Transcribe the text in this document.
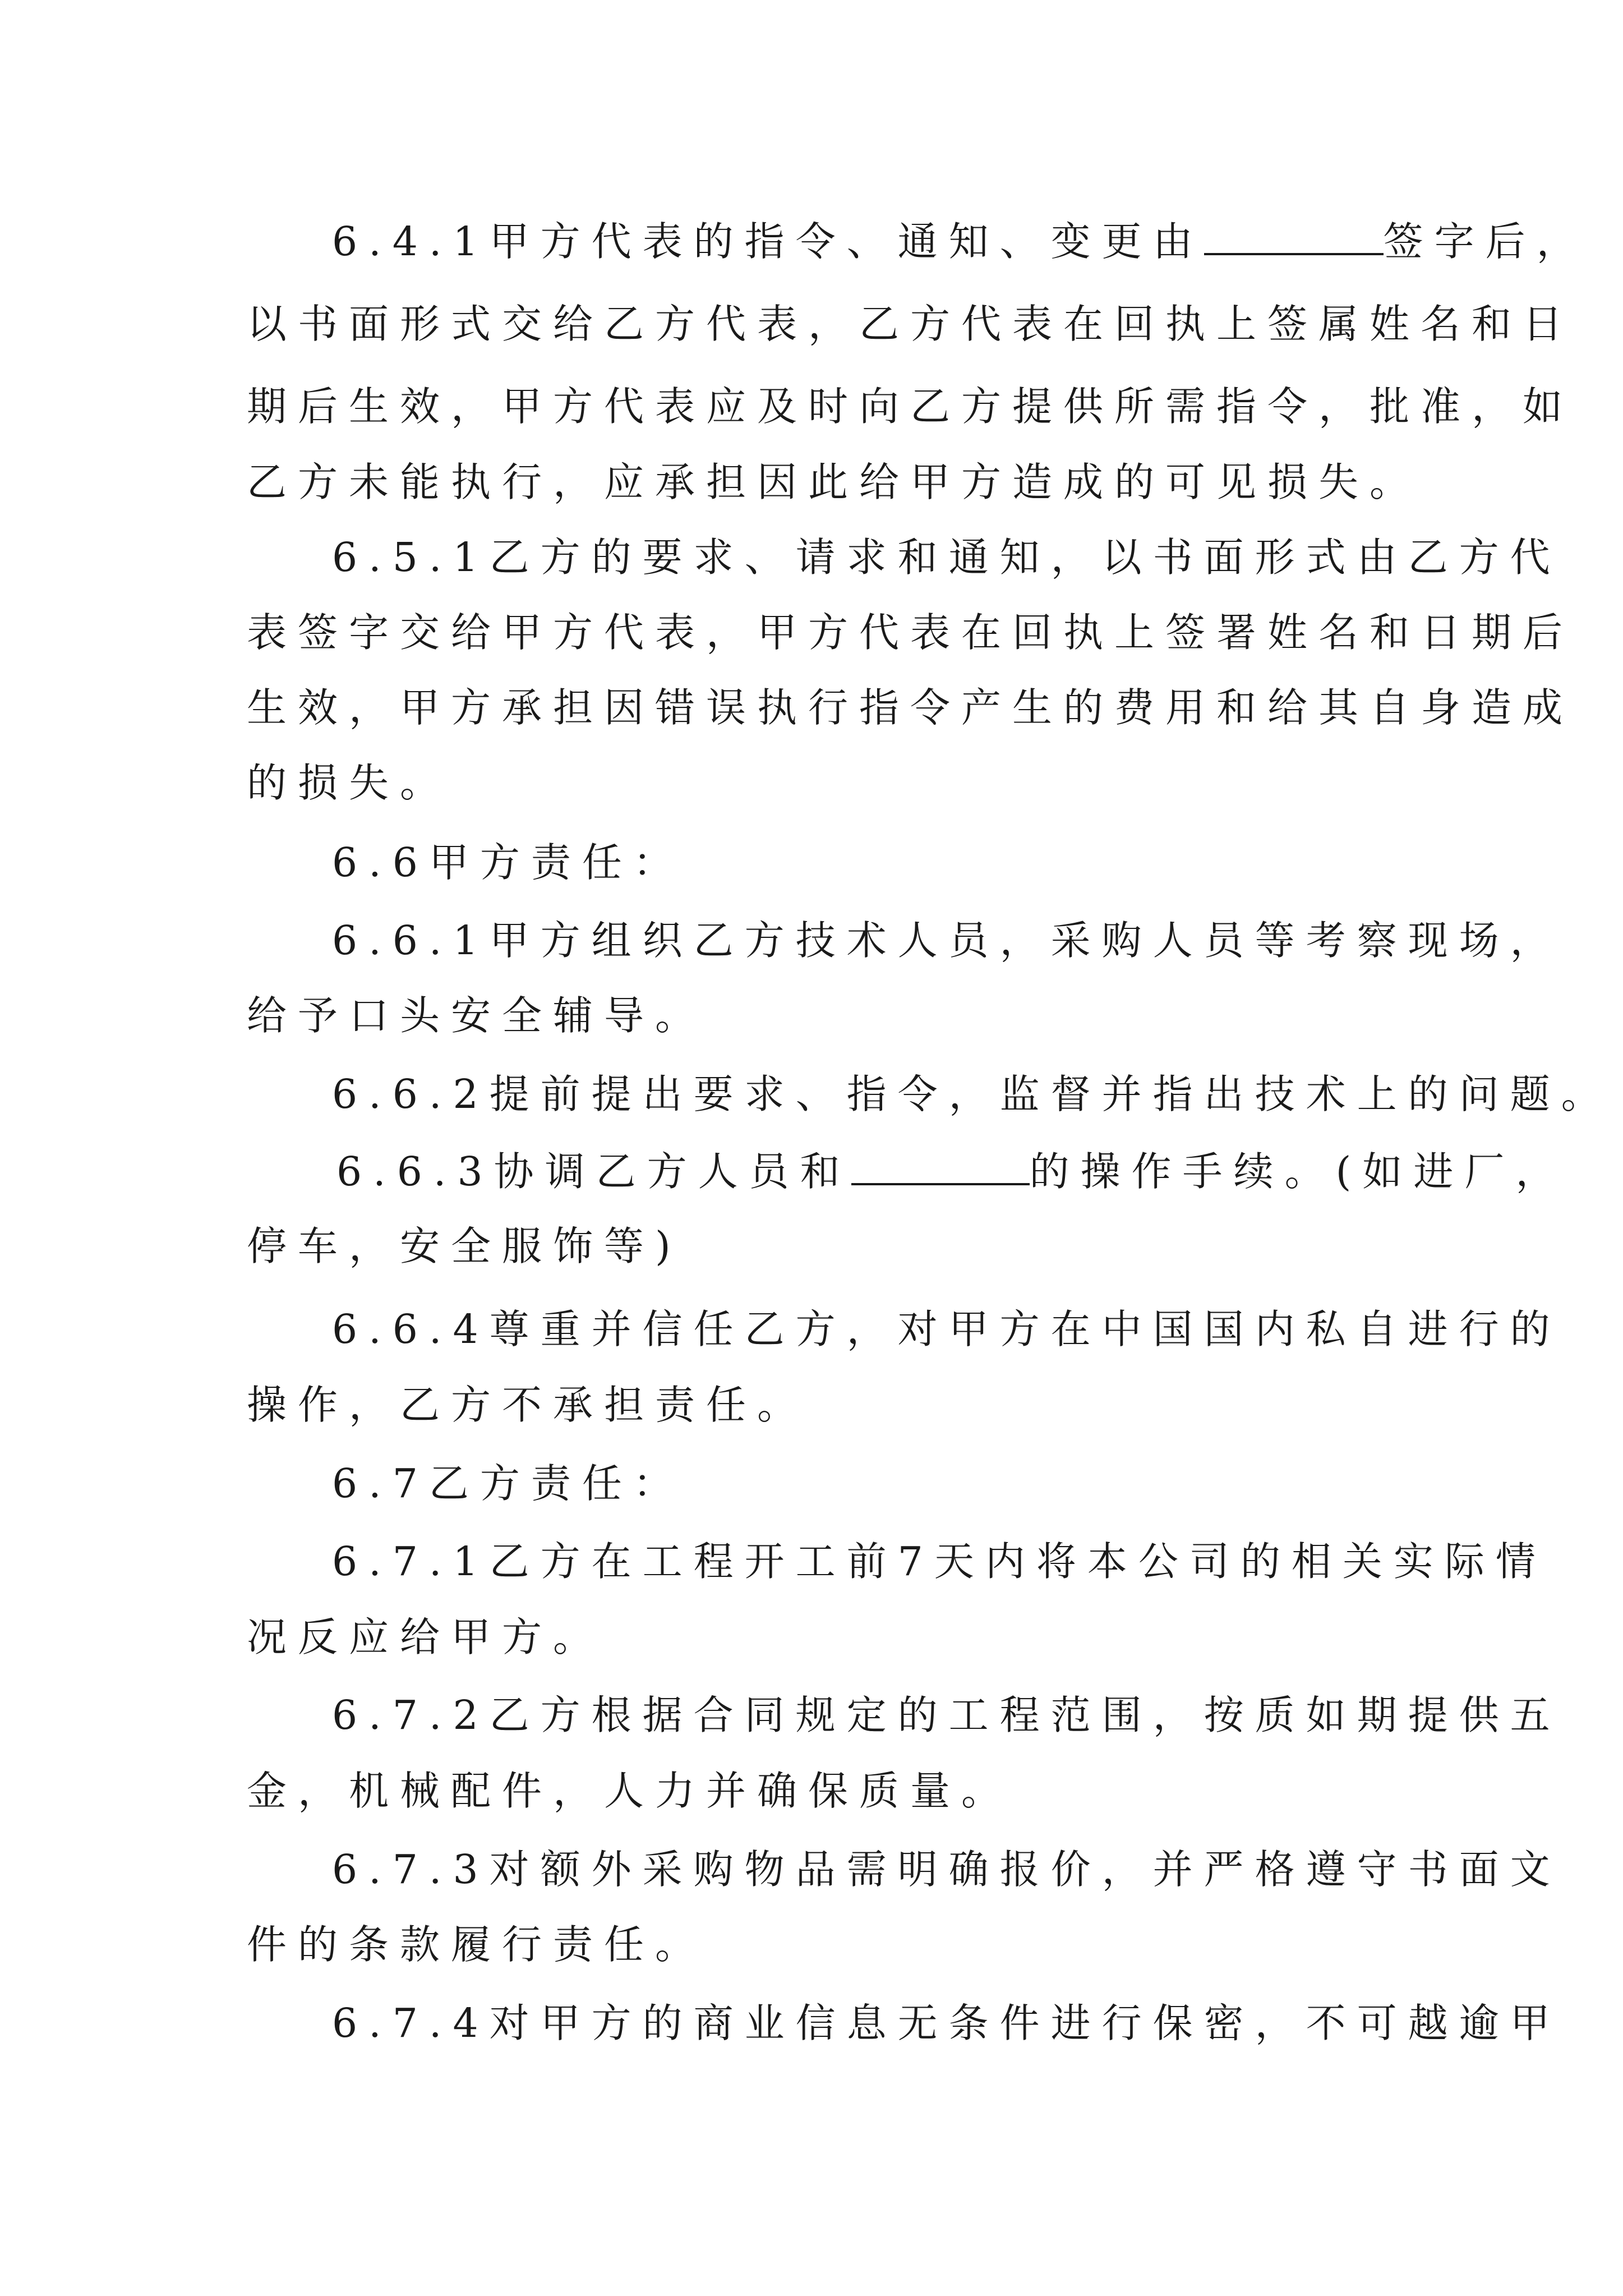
6.4.1甲方代表的指令、通知、变更由	签字后，

以书面形式交给乙方代表，乙方代表在回执上签属姓名和日

期后生效，甲方代表应及时向乙方提供所需指令，批准，如

乙方未能执行，应承担因此给甲方造成的可见损失。

6.5.1乙方的要求、请求和通知，以书面形式由乙方代

表签字交给甲方代表，甲方代表在回执上签署姓名和日期后

生效，甲方承担因错误执行指令产生的费用和给其自身造成

的损失。

6.6甲方责任：

6.6.1甲方组织乙方技术人员，采购人员等考察现场，

给予口头安全辅导。

6.6.2提前提出要求、指令，监督并指出技术上的问题。

6.6.3协调乙方人员和	的操作手续。(如进厂，

停车，安全服饰等)

6.6.4尊重并信任乙方，对甲方在中国国内私自进行的

操作，乙方不承担责任。

6.7乙方责任：

6.7.1乙方在工程开工前7天内将本公司的相关实际情

况反应给甲方。

6.7.2乙方根据合同规定的工程范围，按质如期提供五

金，机械配件，人力并确保质量。

6.7.3对额外采购物品需明确报价，并严格遵守书面文

件的条款履行责任。

6.7.4对甲方的商业信息无条件进行保密，不可越逾甲
